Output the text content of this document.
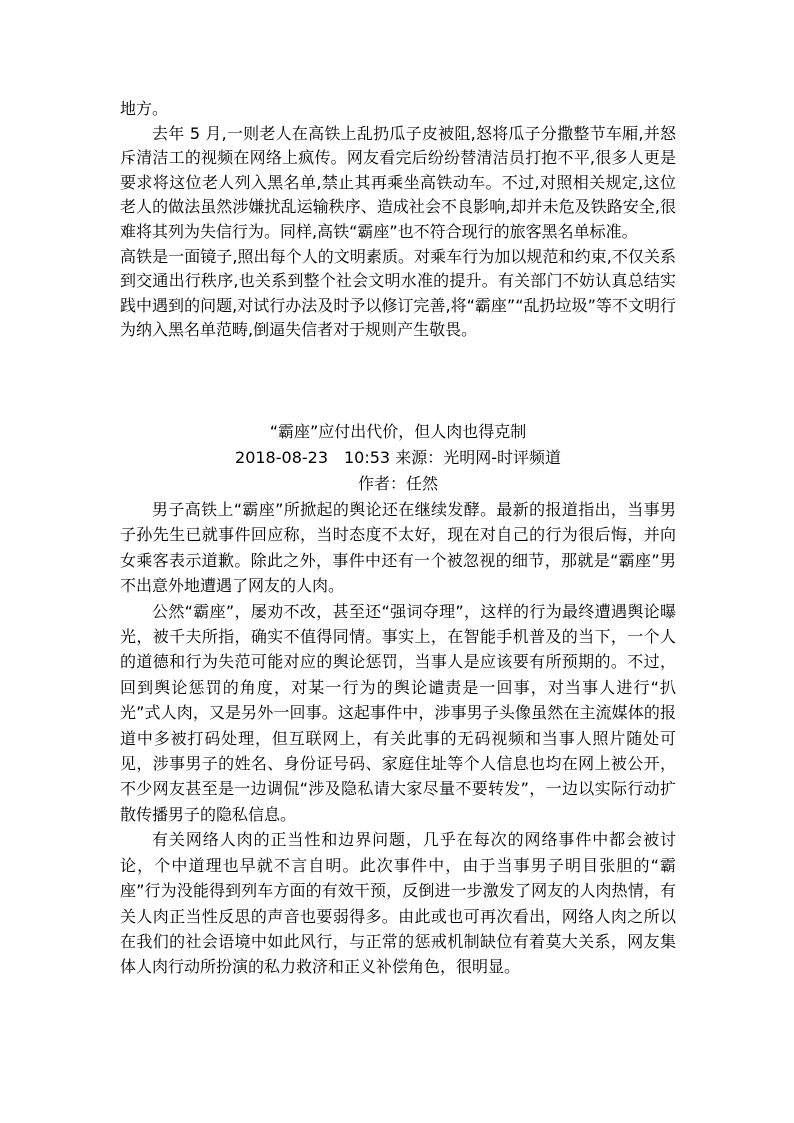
地方。

去年 5 月,一则老人在高铁上乱扔瓜子皮被阻,怒将瓜子分撒整节车厢,并怒斥清洁工的视频在网络上疯传。网友看完后纷纷替清洁员打抱不平,很多人更是要求将这位老人列入黑名单,禁止其再乘坐高铁动车。不过,对照相关规定,这位老人的做法虽然涉嫌扰乱运输秩序、造成社会不良影响,却并未危及铁路安全,很难将其列为失信行为。同样,高铁“霸座”也不符合现行的旅客黑名单标准。

高铁是一面镜子,照出每个人的文明素质。对乘车行为加以规范和约束,不仅关系到交通出行秩序,也关系到整个社会文明水准的提升。有关部门不妨认真总结实践中遇到的问题,对试行办法及时予以修订完善,将“霸座”“乱扔垃圾”等不文明行为纳入黑名单范畴,倒逼失信者对于规则产生敬畏。

“霸座”应付出代价，但人肉也得克制

2018-08-23　10:53 来源：光明网-时评频道

作者：任然

男子高铁上“霸座”所掀起的舆论还在继续发酵。最新的报道指出，当事男子孙先生已就事件回应称，当时态度不太好，现在对自己的行为很后悔，并向女乘客表示道歉。除此之外，事件中还有一个被忽视的细节，那就是“霸座”男不出意外地遭遇了网友的人肉。

公然“霸座”，屡劝不改，甚至还“强词夺理”，这样的行为最终遭遇舆论曝光，被千夫所指，确实不值得同情。事实上，在智能手机普及的当下，一个人的道德和行为失范可能对应的舆论惩罚，当事人是应该要有所预期的。不过，回到舆论惩罚的角度，对某一行为的舆论谴责是一回事，对当事人进行“扒光”式人肉，又是另外一回事。这起事件中，涉事男子头像虽然在主流媒体的报道中多被打码处理，但互联网上，有关此事的无码视频和当事人照片随处可见，涉事男子的姓名、身份证号码、家庭住址等个人信息也均在网上被公开，不少网友甚至是一边调侃“涉及隐私请大家尽量不要转发”，一边以实际行动扩散传播男子的隐私信息。

有关网络人肉的正当性和边界问题，几乎在每次的网络事件中都会被讨论，个中道理也早就不言自明。此次事件中，由于当事男子明目张胆的“霸座”行为没能得到列车方面的有效干预，反倒进一步激发了网友的人肉热情，有关人肉正当性反思的声音也要弱得多。由此或也可再次看出，网络人肉之所以在我们的社会语境中如此风行，与正常的惩戒机制缺位有着莫大关系，网友集体人肉行动所扮演的私力救济和正义补偿角色，很明显。
